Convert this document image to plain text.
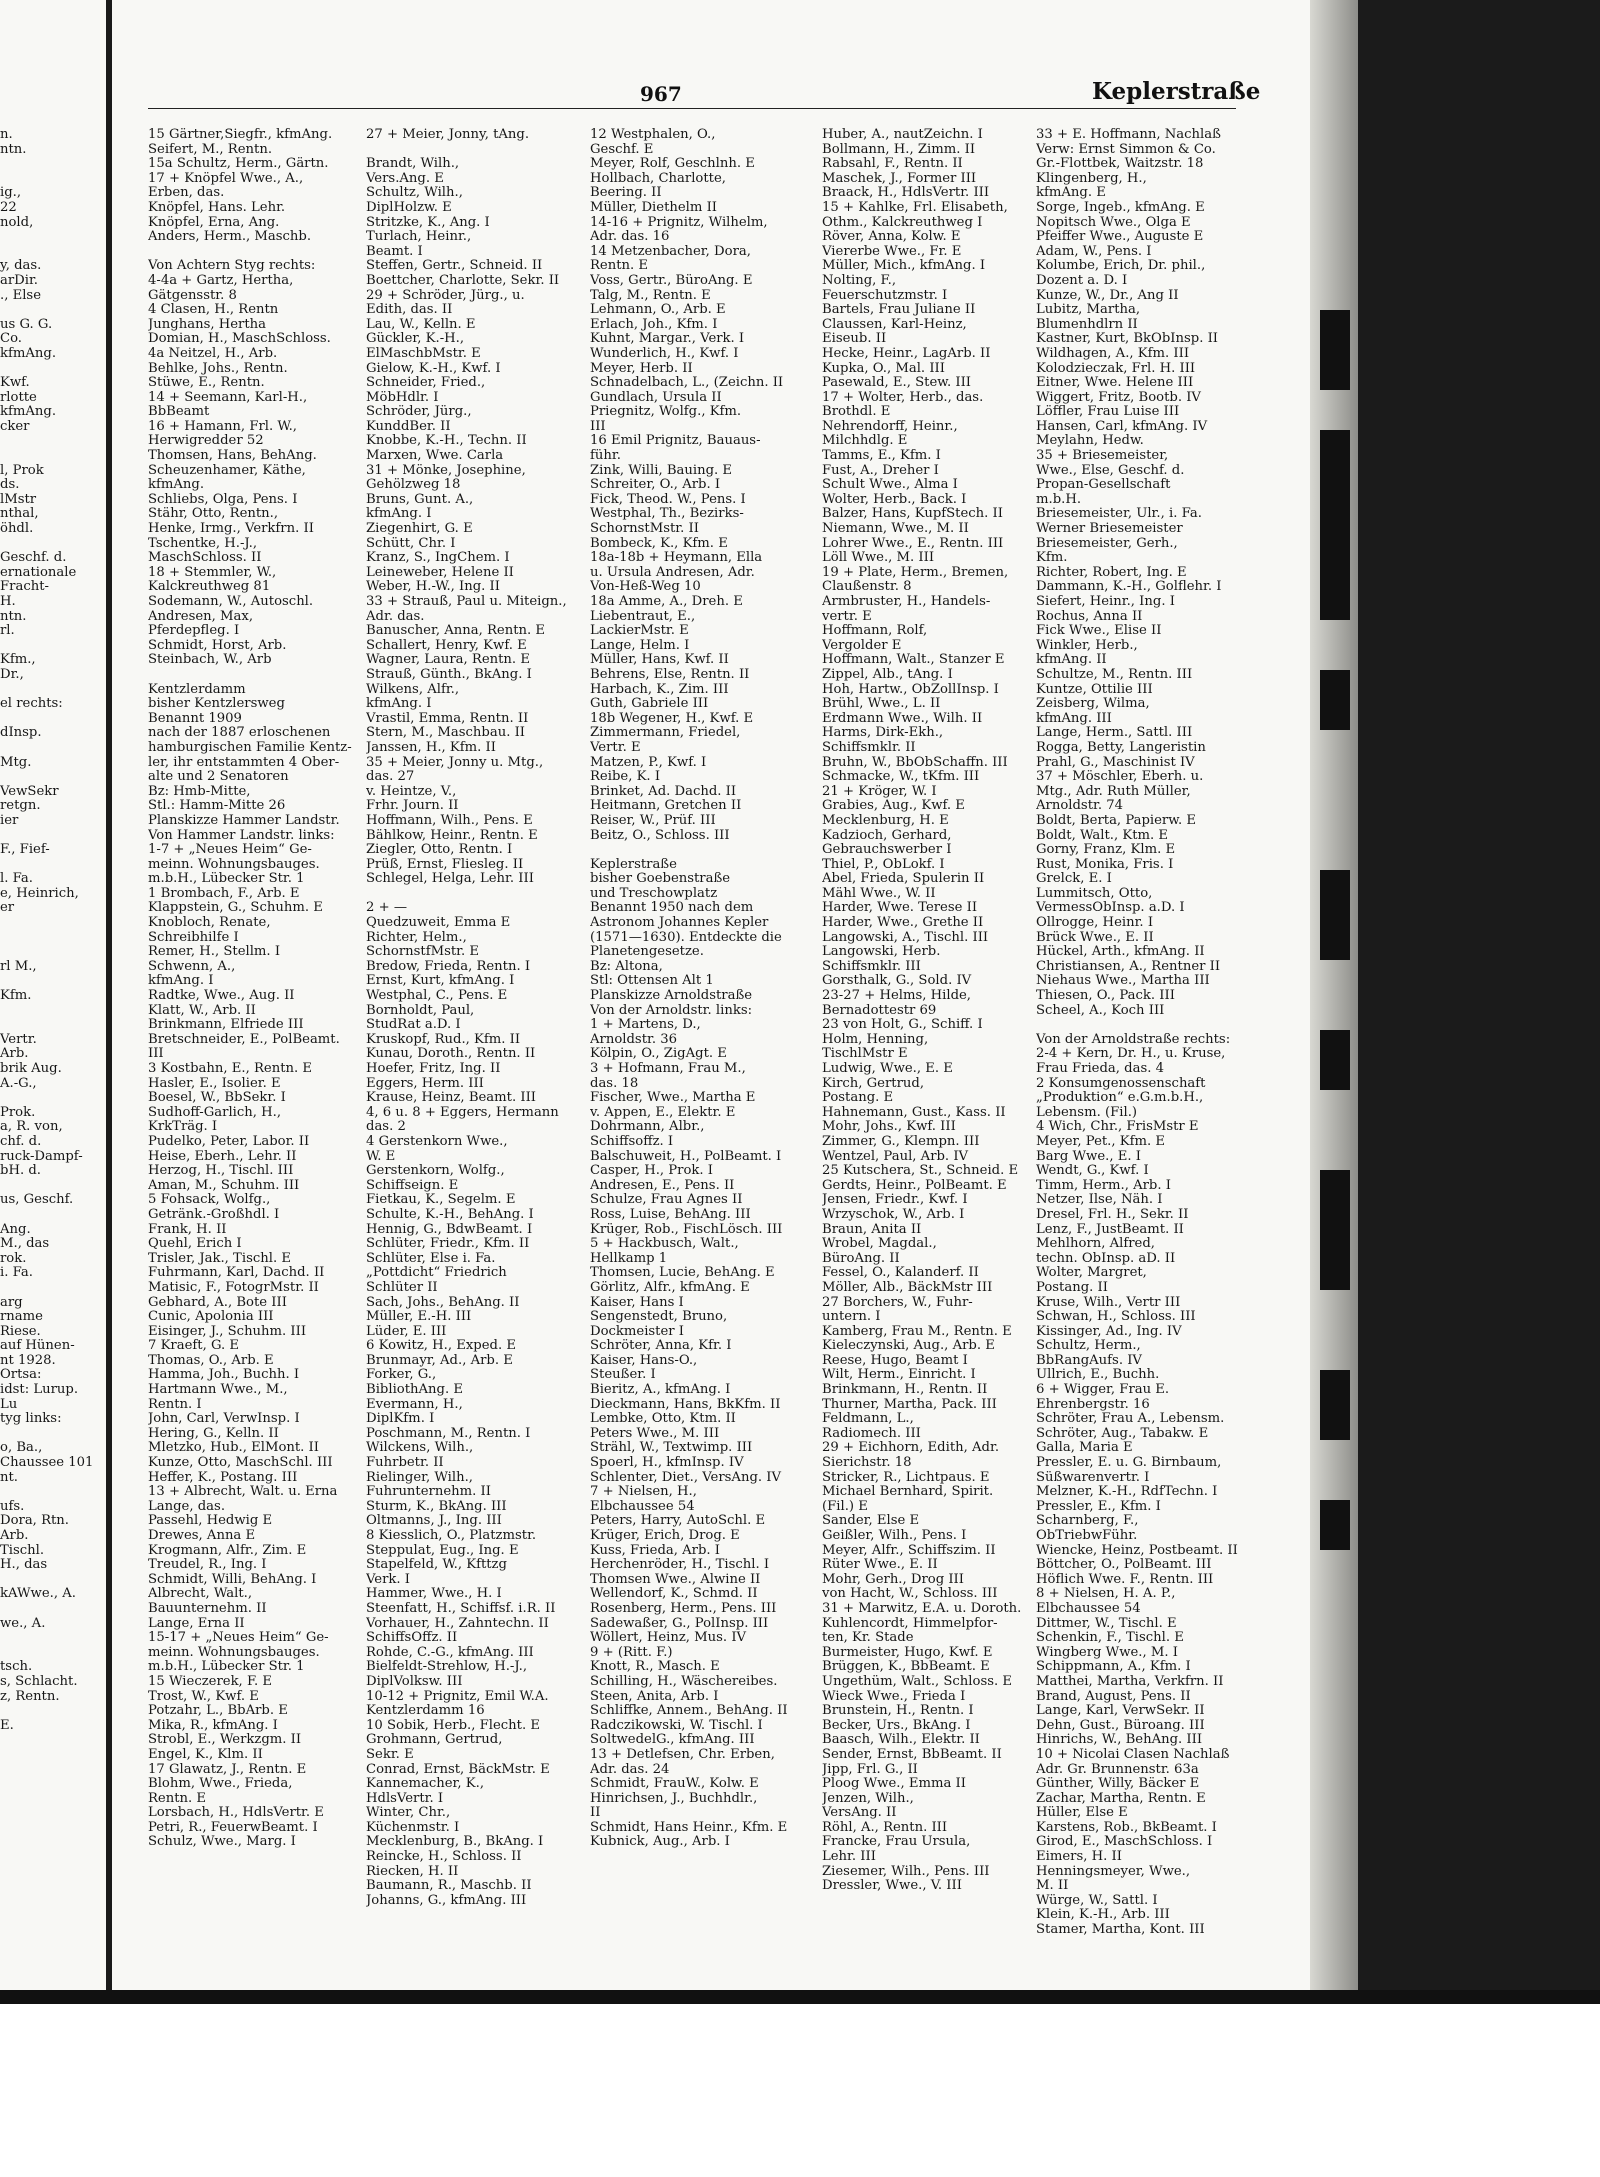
967	Keplerstraße
n.
ntn.
ig.,
22
nold,
y, das.
arDir.
., Else
us G. G.
Co.
kfmAng.
Kwf.
rlotte
kfmAng.
cker
l, Prok
ds.
lMstr
nthal,
öhdl.
Geschf. d.
ernationale
Fracht-
H.
ntn.
rl.
Kfm.,
Dr.,
el rechts:
dInsp.
Mtg.
VewSekr
retgn.
ier
F., Fief-
l. Fa.
e, Heinrich,
er
rl M.,
Kfm.
Vertr.
Arb.
brik Aug.
A.-G.,
Prok.
a, R. von,
chf. d.
ruck-Dampf-
bH. d.
us, Geschf.
Ang.
M., das
rok.
i. Fa.
arg
rname
Riese.
auf Hünen-
nt 1928.
Ortsa:
idst: Lurup.
Lu
tyg links:
o, Ba.,
Chaussee 101
nt.
ufs.
Dora, Rtn.
Arb.
Tischl.
H., das
kAWwe., A.
we., A.
tsch.
s, Schlacht.
z, Rentn.
E.
15 Gärtner,Siegfr., kfmAng.
Seifert, M., Rentn.
15a Schultz, Herm., Gärtn.
17 + Knöpfel Wwe., A.,
Erben, das.
Knöpfel, Hans. Lehr.
Knöpfel, Erna, Ang.
Anders, Herm., Maschb.
Von Achtern Styg rechts:
4-4a + Gartz, Hertha,
Gätgensstr. 8
4 Clasen, H., Rentn
Junghans, Hertha
Domian, H., MaschSchloss.
4a Neitzel, H., Arb.
Behlke, Johs., Rentn.
Stüwe, E., Rentn.
14 + Seemann, Karl-H.,
BbBeamt
16 + Hamann, Frl. W.,
Herwigredder 52
Thomsen, Hans, BehAng.
Scheuzenhamer, Käthe,
kfmAng.
Schliebs, Olga, Pens. I
Stähr, Otto, Rentn.,
Henke, Irmg., Verkfrn. II
Tschentke, H.-J.,
MaschSchloss. II
18 + Stemmler, W.,
Kalckreuthweg 81
Sodemann, W., Autoschl.
Andresen, Max,
Pferdepfleg. I
Schmidt, Horst, Arb.
Steinbach, W., Arb
Kentzlerdamm
bisher Kentzlersweg
Benannt 1909
nach der 1887 erloschenen
hamburgischen Familie Kentz-
ler, ihr entstammten 4 Ober-
alte und 2 Senatoren
Bz: Hmb-Mitte,
Stl.: Hamm-Mitte 26
Planskizze Hammer Landstr.
Von Hammer Landstr. links:
1-7 + „Neues Heim“ Ge-
meinn. Wohnungsbauges.
m.b.H., Lübecker Str. 1
1 Brombach, F., Arb. E
Klappstein, G., Schuhm. E
Knobloch, Renate,
Schreibhilfe I
Remer, H., Stellm. I
Schwenn, A.,
kfmAng. I
Radtke, Wwe., Aug. II
Klatt, W., Arb. II
Brinkmann, Elfriede III
Bretschneider, E., PolBeamt.
III
3 Kostbahn, E., Rentn. E
Hasler, E., Isolier. E
Boesel, W., BbSekr. I
Sudhoff-Garlich, H.,
KrkTräg. I
Pudelko, Peter, Labor. II
Heise, Eberh., Lehr. II
Herzog, H., Tischl. III
Aman, M., Schuhm. III
5 Fohsack, Wolfg.,
Getränk.-Großhdl. I
Frank, H. II
Quehl, Erich I
Trisler, Jak., Tischl. E
Fuhrmann, Karl, Dachd. II
Matisic, F., FotogrMstr. II
Gebhard, A., Bote III
Cunic, Apolonia III
Eisinger, J., Schuhm. III
7 Kraeft, G. E
Thomas, O., Arb. E
Hamma, Joh., Buchh. I
Hartmann Wwe., M.,
Rentn. I
John, Carl, VerwInsp. I
Hering, G., Kelln. II
Mletzko, Hub., ElMont. II
Kunze, Otto, MaschSchl. III
Heffer, K., Postang. III
13 + Albrecht, Walt. u. Erna
Lange, das.
Passehl, Hedwig E
Drewes, Anna E
Krogmann, Alfr., Zim. E
Treudel, R., Ing. I
Schmidt, Willi, BehAng. I
Albrecht, Walt.,
Bauunternehm. II
Lange, Erna II
15-17 + „Neues Heim“ Ge-
meinn. Wohnungsbauges.
m.b.H., Lübecker Str. 1
15 Wieczerek, F. E
Trost, W., Kwf. E
Potzahr, L., BbArb. E
Mika, R., kfmAng. I
Strobl, E., Werkzgm. II
Engel, K., Klm. II
17 Glawatz, J., Rentn. E
Blohm, Wwe., Frieda,
Rentn. E
Lorsbach, H., HdlsVertr. E
Petri, R., FeuerwBeamt. I
Schulz, Wwe., Marg. I
27 + Meier, Jonny, tAng.
Brandt, Wilh.,
Vers.Ang. E
Schultz, Wilh.,
DiplHolzw. E
Stritzke, K., Ang. I
Turlach, Heinr.,
Beamt. I
Steffen, Gertr., Schneid. II
Boettcher, Charlotte, Sekr. II
29 + Schröder, Jürg., u.
Edith, das. II
Lau, W., Kelln. E
Gückler, K.-H.,
ElMaschbMstr. E
Gielow, K.-H., Kwf. I
Schneider, Fried.,
MöbHdlr. I
Schröder, Jürg.,
KunddBer. II
Knobbe, K.-H., Techn. II
Marxen, Wwe. Carla
31 + Mönke, Josephine,
Gehölzweg 18
Bruns, Gunt. A.,
kfmAng. I
Ziegenhirt, G. E
Schütt, Chr. I
Kranz, S., IngChem. I
Leineweber, Helene II
Weber, H.-W., Ing. II
33 + Strauß, Paul u. Miteign.,
Adr. das.
Banuscher, Anna, Rentn. E
Schallert, Henry, Kwf. E
Wagner, Laura, Rentn. E
Strauß, Günth., BkAng. I
Wilkens, Alfr.,
kfmAng. I
Vrastil, Emma, Rentn. II
Stern, M., Maschbau. II
Janssen, H., Kfm. II
35 + Meier, Jonny u. Mtg.,
das. 27
v. Heintze, V.,
Frhr. Journ. II
Hoffmann, Wilh., Pens. E
Bählkow, Heinr., Rentn. E
Ziegler, Otto, Rentn. I
Prüß, Ernst, Fliesleg. II
Schlegel, Helga, Lehr. III
2 + —
Quedzuweit, Emma E
Richter, Helm.,
SchornstfMstr. E
Bredow, Frieda, Rentn. I
Ernst, Kurt, kfmAng. I
Westphal, C., Pens. E
Bornholdt, Paul,
StudRat a.D. I
Kruskopf, Rud., Kfm. II
Kunau, Doroth., Rentn. II
Hoefer, Fritz, Ing. II
Eggers, Herm. III
Krause, Heinz, Beamt. III
4, 6 u. 8 + Eggers, Hermann
das. 2
4 Gerstenkorn Wwe.,
W. E
Gerstenkorn, Wolfg.,
Schiffseign. E
Fietkau, K., Segelm. E
Schulte, K.-H., BehAng. I
Hennig, G., BdwBeamt. I
Schlüter, Friedr., Kfm. II
Schlüter, Else i. Fa.
„Pottdicht“ Friedrich
Schlüter II
Sach, Johs., BehAng. II
Müller, E.-H. III
Lüder, E. III
6 Kowitz, H., Exped. E
Brunmayr, Ad., Arb. E
Forker, G.,
BibliothAng. E
Evermann, H.,
DiplKfm. I
Poschmann, M., Rentn. I
Wilckens, Wilh.,
Fuhrbetr. II
Rielinger, Wilh.,
Fuhrunternehm. II
Sturm, K., BkAng. III
Oltmanns, J., Ing. III
8 Kiesslich, O., Platzmstr.
Steppulat, Eug., Ing. E
Stapelfeld, W., Kfttzg
Verk. I
Hammer, Wwe., H. I
Steenfatt, H., Schiffsf. i.R. II
Vorhauer, H., Zahntechn. II
SchiffsOffz. II
Rohde, C.-G., kfmAng. III
Bielfeldt-Strehlow, H.-J.,
DiplVolksw. III
10-12 + Prignitz, Emil W.A.
Kentzlerdamm 16
10 Sobik, Herb., Flecht. E
Grohmann, Gertrud,
Sekr. E
Conrad, Ernst, BäckMstr. E
Kannemacher, K.,
HdlsVertr. I
Winter, Chr.,
Küchenmstr. I
Mecklenburg, B., BkAng. I
Reincke, H., Schloss. II
Riecken, H. II
Baumann, R., Maschb. II
Johanns, G., kfmAng. III
12 Westphalen, O.,
Geschf. E
Meyer, Rolf, Geschlnh. E
Hollbach, Charlotte,
Beering. II
Müller, Diethelm II
14-16 + Prignitz, Wilhelm,
Adr. das. 16
14 Metzenbacher, Dora,
Rentn. E
Voss, Gertr., BüroAng. E
Talg, M., Rentn. E
Lehmann, O., Arb. E
Erlach, Joh., Kfm. I
Kuhnt, Margar., Verk. I
Wunderlich, H., Kwf. I
Meyer, Herb. II
Schnadelbach, L., (Zeichn. II
Gundlach, Ursula II
Priegnitz, Wolfg., Kfm.
III
16 Emil Prignitz, Bauaus-
führ.
Zink, Willi, Bauing. E
Schreiter, O., Arb. I
Fick, Theod. W., Pens. I
Westphal, Th., Bezirks-
SchornstMstr. II
Bombeck, K., Kfm. E
18a-18b + Heymann, Ella
u. Ursula Andresen, Adr.
Von-Heß-Weg 10
18a Amme, A., Dreh. E
Liebentraut, E.,
LackierMstr. E
Lange, Helm. I
Müller, Hans, Kwf. II
Behrens, Else, Rentn. II
Harbach, K., Zim. III
Guth, Gabriele III
18b Wegener, H., Kwf. E
Zimmermann, Friedel,
Vertr. E
Matzen, P., Kwf. I
Reibe, K. I
Brinket, Ad. Dachd. II
Heitmann, Gretchen II
Reiser, W., Prüf. III
Beitz, O., Schloss. III
Keplerstraße
bisher Goebenstraße
und Treschowplatz
Benannt 1950 nach dem
Astronom Johannes Kepler
(1571—1630). Entdeckte die
Planetengesetze.
Bz: Altona,
Stl: Ottensen Alt 1
Planskizze Arnoldstraße
Von der Arnoldstr. links:
1 + Martens, D.,
Arnoldstr. 36
Kölpin, O., ZigAgt. E
3 + Hofmann, Frau M.,
das. 18
Fischer, Wwe., Martha E
v. Appen, E., Elektr. E
Dohrmann, Albr.,
Schiffsoffz. I
Balschuweit, H., PolBeamt. I
Casper, H., Prok. I
Andresen, E., Pens. II
Schulze, Frau Agnes II
Ross, Luise, BehAng. III
Krüger, Rob., FischLösch. III
5 + Hackbusch, Walt.,
Hellkamp 1
Thomsen, Lucie, BehAng. E
Görlitz, Alfr., kfmAng. E
Kaiser, Hans I
Sengenstedt, Bruno,
Dockmeister I
Schröter, Anna, Kfr. I
Kaiser, Hans-O.,
Steußer. I
Bieritz, A., kfmAng. I
Dieckmann, Hans, BkKfm. II
Lembke, Otto, Ktm. II
Peters Wwe., M. III
Strähl, W., Textwimp. III
Spoerl, H., kfmInsp. IV
Schlenter, Diet., VersAng. IV
7 + Nielsen, H.,
Elbchaussee 54
Peters, Harry, AutoSchl. E
Krüger, Erich, Drog. E
Kuss, Frieda, Arb. I
Herchenröder, H., Tischl. I
Thomsen Wwe., Alwine II
Wellendorf, K., Schmd. II
Rosenberg, Herm., Pens. III
Sadewaßer, G., PolInsp. III
Wöllert, Heinz, Mus. IV
9 + (Ritt. F.)
Knott, R., Masch. E
Schilling, H., Wäschereibes.
Steen, Anita, Arb. I
Schliffke, Annem., BehAng. II
Radczikowski, W. Tischl. I
SoltwedelG., kfmAng. III
13 + Detlefsen, Chr. Erben,
Adr. das. 24
Schmidt, FrauW., Kolw. E
Hinrichsen, J., Buchhdlr.,
II
Schmidt, Hans Heinr., Kfm. E
Kubnick, Aug., Arb. I
Huber, A., nautZeichn. I
Bollmann, H., Zimm. II
Rabsahl, F., Rentn. II
Maschek, J., Former III
Braack, H., HdlsVertr. III
15 + Kahlke, Frl. Elisabeth,
Othm., Kalckreuthweg I
Röver, Anna, Kolw. E
Viererbe Wwe., Fr. E
Müller, Mich., kfmAng. I
Nolting, F.,
Feuerschutzmstr. I
Bartels, Frau Juliane II
Claussen, Karl-Heinz,
Eiseub. II
Hecke, Heinr., LagArb. II
Kupka, O., Mal. III
Pasewald, E., Stew. III
17 + Wolter, Herb., das.
Brothdl. E
Nehrendorff, Heinr.,
Milchhdlg. E
Tamms, E., Kfm. I
Fust, A., Dreher I
Schult Wwe., Alma I
Wolter, Herb., Back. I
Balzer, Hans, KupfStech. II
Niemann, Wwe., M. II
Lohrer Wwe., E., Rentn. III
Löll Wwe., M. III
19 + Plate, Herm., Bremen,
Claußenstr. 8
Armbruster, H., Handels-
vertr. E
Hoffmann, Rolf,
Vergolder E
Hoffmann, Walt., Stanzer E
Zippel, Alb., tAng. I
Hoh, Hartw., ObZollInsp. I
Brühl, Wwe., L. II
Erdmann Wwe., Wilh. II
Harms, Dirk-Ekh.,
Schiffsmklr. II
Bruhn, W., BbObSchaffn. III
Schmacke, W., tKfm. III
21 + Kröger, W. I
Grabies, Aug., Kwf. E
Mecklenburg, H. E
Kadzioch, Gerhard,
Gebrauchswerber I
Thiel, P., ObLokf. I
Abel, Frieda, Spulerin II
Mähl Wwe., W. II
Harder, Wwe. Terese II
Harder, Wwe., Grethe II
Langowski, A., Tischl. III
Langowski, Herb.
Schiffsmklr. III
Gorsthalk, G., Sold. IV
23-27 + Helms, Hilde,
Bernadottestr 69
23 von Holt, G., Schiff. I
Holm, Henning,
TischlMstr E
Ludwig, Wwe., E. E
Kirch, Gertrud,
Postang. E
Hahnemann, Gust., Kass. II
Mohr, Johs., Kwf. III
Zimmer, G., Klempn. III
Wentzel, Paul, Arb. IV
25 Kutschera, St., Schneid. E
Gerdts, Heinr., PolBeamt. E
Jensen, Friedr., Kwf. I
Wrzyschok, W., Arb. I
Braun, Anita II
Wrobel, Magdal.,
BüroAng. II
Fessel, O., Kalanderf. II
Möller, Alb., BäckMstr III
27 Borchers, W., Fuhr-
untern. I
Kamberg, Frau M., Rentn. E
Kieleczynski, Aug., Arb. E
Reese, Hugo, Beamt I
Wilt, Herm., Einricht. I
Brinkmann, H., Rentn. II
Thurner, Martha, Pack. III
Feldmann, L.,
Radiomech. III
29 + Eichhorn, Edith, Adr.
Sierichstr. 18
Stricker, R., Lichtpaus. E
Michael Bernhard, Spirit.
(Fil.) E
Sander, Else E
Geißler, Wilh., Pens. I
Meyer, Alfr., Schiffszim. II
Rüter Wwe., E. II
Mohr, Gerh., Drog III
von Hacht, W., Schloss. III
31 + Marwitz, E.A. u. Doroth.
Kuhlencordt, Himmelpfor-
ten, Kr. Stade
Burmeister, Hugo, Kwf. E
Brüggen, K., BbBeamt. E
Ungethüm, Walt., Schloss. E
Wieck Wwe., Frieda I
Brunstein, H., Rentn. I
Becker, Urs., BkAng. I
Baasch, Wilh., Elektr. II
Sender, Ernst, BbBeamt. II
Jipp, Frl. G., II
Ploog Wwe., Emma II
Jenzen, Wilh.,
VersAng. II
Röhl, A., Rentn. III
Francke, Frau Ursula,
Lehr. III
Ziesemer, Wilh., Pens. III
Dressler, Wwe., V. III
33 + E. Hoffmann, Nachlaß
Verw: Ernst Simmon & Co.
Gr.-Flottbek, Waitzstr. 18
Klingenberg, H.,
kfmAng. E
Sorge, Ingeb., kfmAng. E
Nopitsch Wwe., Olga E
Pfeiffer Wwe., Auguste E
Adam, W., Pens. I
Kolumbe, Erich, Dr. phil.,
Dozent a. D. I
Kunze, W., Dr., Ang II
Lubitz, Martha,
Blumenhdlrn II
Kastner, Kurt, BkObInsp. II
Wildhagen, A., Kfm. III
Kolodzieczak, Frl. H. III
Eitner, Wwe. Helene III
Wiggert, Fritz, Bootb. IV
Löffler, Frau Luise III
Hansen, Carl, kfmAng. IV
Meylahn, Hedw.
35 + Briesemeister,
Wwe., Else, Geschf. d.
Propan-Gesellschaft
m.b.H.
Briesemeister, Ulr., i. Fa.
Werner Briesemeister
Briesemeister, Gerh.,
Kfm.
Richter, Robert, Ing. E
Dammann, K.-H., Golflehr. I
Siefert, Heinr., Ing. I
Rochus, Anna II
Fick Wwe., Elise II
Winkler, Herb.,
kfmAng. II
Schultze, M., Rentn. III
Kuntze, Ottilie III
Zeisberg, Wilma,
kfmAng. III
Lange, Herm., Sattl. III
Rogga, Betty, Langeristin
Prahl, G., Maschinist IV
37 + Möschler, Eberh. u.
Mtg., Adr. Ruth Müller,
Arnoldstr. 74
Boldt, Berta, Papierw. E
Boldt, Walt., Ktm. E
Gorny, Franz, Klm. E
Rust, Monika, Fris. I
Grelck, E. I
Lummitsch, Otto,
VermessObInsp. a.D. I
Ollrogge, Heinr. I
Brück Wwe., E. II
Hückel, Arth., kfmAng. II
Christiansen, A., Rentner II
Niehaus Wwe., Martha III
Thiesen, O., Pack. III
Scheel, A., Koch III
Von der Arnoldstraße rechts:
2-4 + Kern, Dr. H., u. Kruse,
Frau Frieda, das. 4
2 Konsumgenossenschaft
„Produktion“ e.G.m.b.H.,
Lebensm. (Fil.)
4 Wich, Chr., FrisMstr E
Meyer, Pet., Kfm. E
Barg Wwe., E. I
Wendt, G., Kwf. I
Timm, Herm., Arb. I
Netzer, Ilse, Näh. I
Dresel, Frl. H., Sekr. II
Lenz, F., JustBeamt. II
Mehlhorn, Alfred,
techn. ObInsp. aD. II
Wolter, Margret,
Postang. II
Kruse, Wilh., Vertr III
Schwan, H., Schloss. III
Kissinger, Ad., Ing. IV
Schultz, Herm.,
BbRangAufs. IV
Ullrich, E., Buchh.
6 + Wigger, Frau E.
Ehrenbergstr. 16
Schröter, Frau A., Lebensm.
Schröter, Aug., Tabakw. E
Galla, Maria E
Pressler, E. u. G. Birnbaum,
Süßwarenvertr. I
Melzner, K.-H., RdfTechn. I
Pressler, E., Kfm. I
Scharnberg, F.,
ObTriebwFühr.
Wiencke, Heinz, Postbeamt. II
Böttcher, O., PolBeamt. III
Höflich Wwe. F., Rentn. III
8 + Nielsen, H. A. P.,
Elbchaussee 54
Dittmer, W., Tischl. E
Schenkin, F., Tischl. E
Wingberg Wwe., M. I
Schippmann, A., Kfm. I
Matthei, Martha, Verkfrn. II
Brand, August, Pens. II
Lange, Karl, VerwSekr. II
Dehn, Gust., Büroang. III
Hinrichs, W., BehAng. III
10 + Nicolai Clasen Nachlaß
Adr. Gr. Brunnenstr. 63a
Günther, Willy, Bäcker E
Zachar, Martha, Rentn. E
Hüller, Else E
Karstens, Rob., BkBeamt. I
Girod, E., MaschSchloss. I
Eimers, H. II
Henningsmeyer, Wwe.,
M. II
Würge, W., Sattl. I
Klein, K.-H., Arb. III
Stamer, Martha, Kont. III
